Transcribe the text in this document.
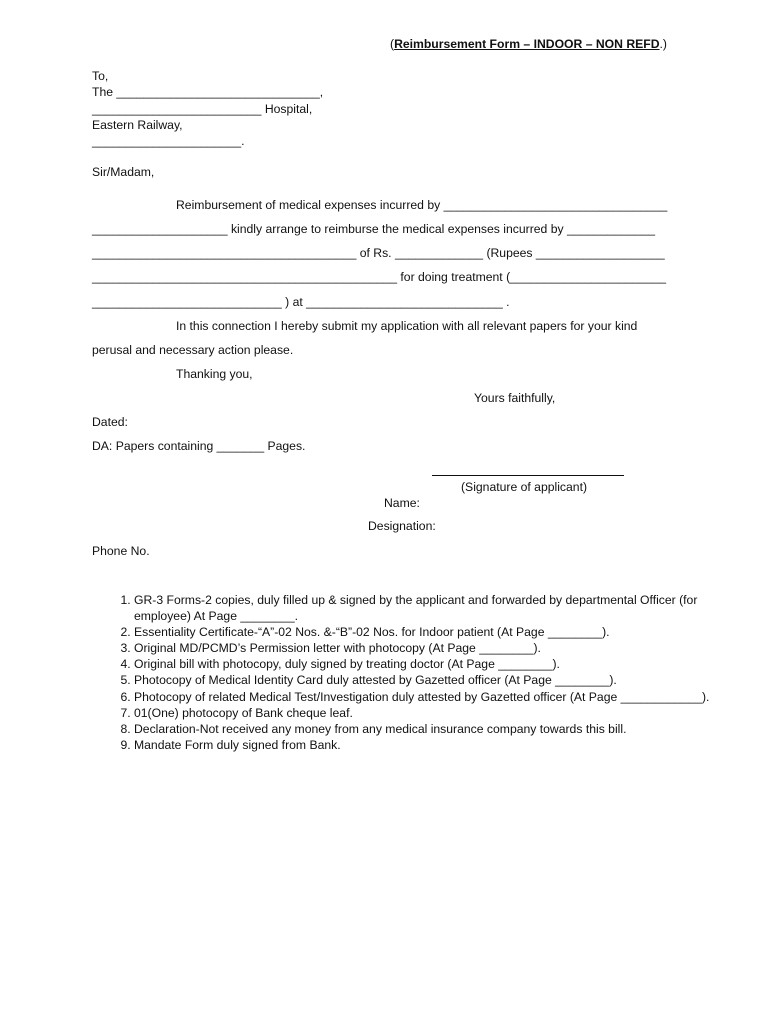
(Reimbursement Form – INDOOR – NON REFD.)
To,
The ______________________________,
_________________________ Hospital,
Eastern Railway,
______________________.
Sir/Madam,
Reimbursement of medical expenses incurred by _________________________________
____________________ kindly arrange to reimburse the medical expenses incurred by _____________
_______________________________________ of Rs. _____________ (Rupees ___________________
_____________________________________________ for doing treatment (_______________________
____________________________ ) at _____________________________ .
In this connection I hereby submit my application with all relevant papers for your kind
perusal and necessary action please.
Thanking you,
Yours faithfully,
Dated:
DA: Papers containing _______ Pages.
(Signature of applicant)
Name:
Designation:
Phone No.
1. GR-3 Forms-2 copies, duly filled up & signed by the applicant and forwarded by departmental Officer (for employee) At Page ________.
2. Essentiality Certificate-“A”-02 Nos. &-“B”-02 Nos. for Indoor patient (At Page ________).
3. Original MD/PCMD’s Permission letter with photocopy (At Page ________).
4. Original bill with photocopy, duly signed by treating doctor (At Page ________).
5. Photocopy of Medical Identity Card duly attested by Gazetted officer (At Page ________).
6. Photocopy of related Medical Test/Investigation duly attested by Gazetted officer (At Page ____________).
7. 01(One) photocopy of Bank cheque leaf.
8. Declaration-Not received any money from any medical insurance company towards this bill.
9. Mandate Form duly signed from Bank.
